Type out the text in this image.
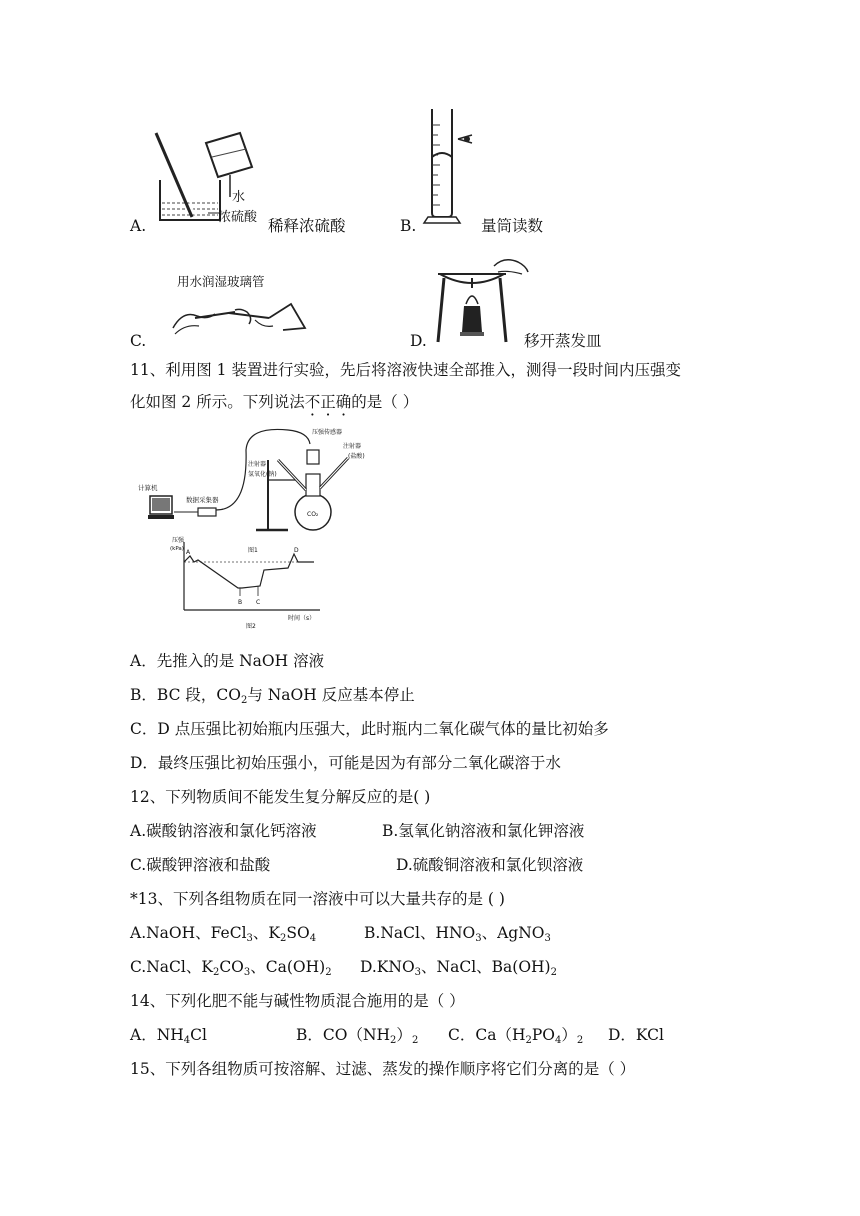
A.
水
浓硫酸 稀释浓硫酸	B.	量筒读数
C.
用水润湿玻璃管
D.	移开蒸发皿
11、利用图 1 装置进行实验，先后将溶液快速全部推入，测得一段时间内压强变
化如图 2 所示。下列说法不正确的是（ ）
计算机
数据采集器
CO₂
压强传感器
注射器
氢氧化(钠)
注射器
(盐酸)
图1
压强
(kPa)
时间（s）
图2
A
B C
D
A．先推入的是 NaOH 溶液
B．BC 段，$CO_2$与 NaOH 反应基本停止
C．D 点压强比初始瓶内压强大，此时瓶内二氧化碳气体的量比初始多
D．最终压强比初始压强小，可能是因为有部分二氧化碳溶于水
12、下列物质间不能发生复分解反应的是( )
A.碳酸钠溶液和氯化钙溶液	B.氢氧化钠溶液和氯化钾溶液
C.碳酸钾溶液和盐酸	D.硫酸铜溶液和氯化钡溶液
*13、下列各组物质在同一溶液中可以大量共存的是 ( )
A.NaOH、FeCl$_3$、$K_2SO_4$	B.NaCl、$HNO_3$、AgNO$_3$
C.NaCl、$K_2CO_3$、$Ca(OH)_2$ $D.KNO_3$、NaCl、$Ba(OH)_2$
14、下列化肥不能与碱性物质混合施用的是（ ）
A．$NH_4Cl$	B．$CO(NH_2)_2$ C．$Ca(H_2PO_4)_2$ D．KCl
15、下列各组物质可按溶解、过滤、蒸发的操作顺序将它们分离的是（ ）
